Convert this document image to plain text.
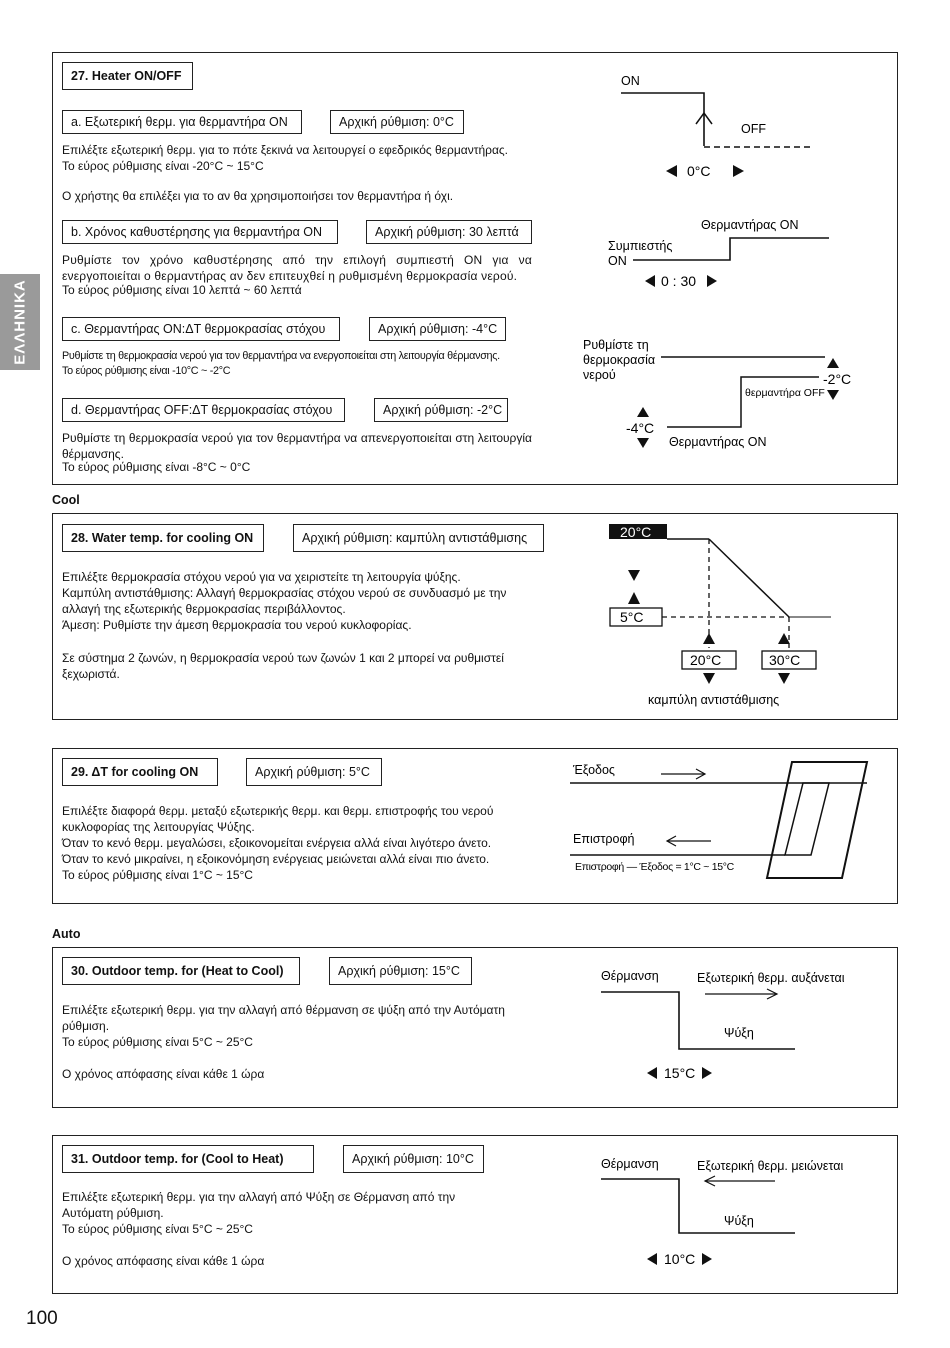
ΕΛΛΗΝΙΚΑ
27. Heater ON/OFF
a. Εξωτερική θερμ. για θερμαντήρα ON	Αρχική ρύθμιση: 0°C
Επιλέξτε εξωτερική θερμ. για το πότε ξεκινά να λειτουργεί ο εφεδρικός θερμαντήρας.
Το εύρος ρύθμισης είναι -20°C ~ 15°C
Ο χρήστης θα επιλέξει για το αν θα χρησιμοποιήσει τον θερμαντήρα ή όχι.
b. Χρόνος καθυστέρησης για θερμαντήρα ON	Αρχική ρύθμιση: 30 λεπτά
Ρυθμίστε τον χρόνο καθυστέρησης από την επιλογή συμπιεστή ON για να ενεργοποιείται ο θερμαντήρας αν δεν επιτευχθεί η ρυθμισμένη θερμοκρασία νερού.
Το εύρος ρύθμισης είναι 10 λεπτά ~ 60 λεπτά
c. Θερμαντήρας ON:ΔT θερμοκρασίας στόχου	Αρχική ρύθμιση: -4°C
Ρυθμίστε τη θερμοκρασία νερού για τον θερμαντήρα να ενεργοποιείται στη λειτουργία θέρμανσης.
Το εύρος ρύθμισης είναι -10°C ~ -2°C
d. Θερμαντήρας OFF:ΔT θερμοκρασίας στόχου	Αρχική ρύθμιση: -2°C
Ρυθμίστε τη θερμοκρασία νερού για τον θερμαντήρα να απενεργοποιείται στη λειτουργία θέρμανσης.
Το εύρος ρύθμισης είναι -8°C ~ 0°C
ON
OFF
0°C
Θερμαντήρας ON
Συμπιεστής
ON
0 : 30
Ρυθμίστε τη
θερμοκρασία
νερού	-2°C
θερμαντήρα OFF
-4°C
Θερμαντήρας ON
Cool
28. Water temp. for cooling ON	Αρχική ρύθμιση: καμπύλη αντιστάθμισης
Επιλέξτε θερμοκρασία στόχου νερού για να χειριστείτε τη λειτουργία ψύξης.
Καμπύλη αντιστάθμισης: Αλλαγή θερμοκρασίας στόχου νερού σε συνδυασμό με την
αλλαγή της εξωτερικής θερμοκρασίας περιβάλλοντος.
Άμεση: Ρυθμίστε την άμεση θερμοκρασία του νερού κυκλοφορίας.
Σε σύστημα 2 ζωνών, η θερμοκρασία νερού των ζωνών 1 και 2 μπορεί να ρυθμιστεί
ξεχωριστά.
20°C
5°C
20°C	30°C
καμπύλη αντιστάθμισης
29. ΔT for cooling ON	Αρχική ρύθμιση: 5°C
Επιλέξτε διαφορά θερμ. μεταξύ εξωτερικής θερμ. και θερμ. επιστροφής του νερού
κυκλοφορίας της λειτουργίας Ψύξης.
Όταν το κενό θερμ. μεγαλώσει, εξοικονομείται ενέργεια αλλά είναι λιγότερο άνετο.
Όταν το κενό μικραίνει, η εξοικονόμηση ενέργειας μειώνεται αλλά είναι πιο άνετο.
Το εύρος ρύθμισης είναι 1°C ~ 15°C
Έξοδος
Επιστροφή
Επιστροφή — Έξοδος = 1°C ~ 15°C
Auto
30. Outdoor temp. for (Heat to Cool)	Αρχική ρύθμιση: 15°C
Επιλέξτε εξωτερική θερμ. για την αλλαγή από θέρμανση σε ψύξη από την Αυτόματη
ρύθμιση.
Το εύρος ρύθμισης είναι 5°C ~ 25°C
Ο χρόνος απόφασης είναι κάθε 1 ώρα
Θέρμανση	Εξωτερική θερμ. αυξάνεται
Ψύξη
15°C
31. Outdoor temp. for (Cool to Heat)	Αρχική ρύθμιση: 10°C
Επιλέξτε εξωτερική θερμ. για την αλλαγή από Ψύξη σε Θέρμανση από την
Αυτόματη ρύθμιση.
Το εύρος ρύθμισης είναι 5°C ~ 25°C
Ο χρόνος απόφασης είναι κάθε 1 ώρα
Θέρμανση	Εξωτερική θερμ. μειώνεται
Ψύξη
10°C
100
